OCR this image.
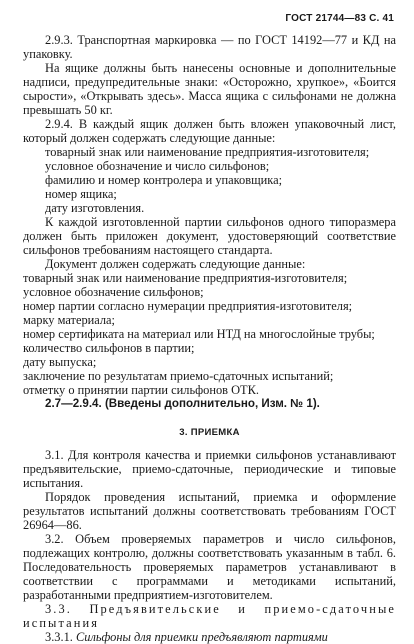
ГОСТ 21744—83 С. 41

2.9.3. Транспортная маркировка — по ГОСТ 14192—77 и КД на упаковку.

На ящике должны быть нанесены основные и дополнительные надписи, предупредительные знаки: «Осторожно, хрупкое», «Боится сырости», «Открывать здесь». Масса ящика с сильфонами не должна превышать 50 кг.

2.9.4. В каждый ящик должен быть вложен упаковочный лист, который должен содержать следующие данные:

товарный знак или наименование предприятия-изготовителя;

условное обозначение и число сильфонов;

фамилию и номер контролера и упаковщика;

номер ящика;

дату изготовления.

К каждой изготовленной партии сильфонов одного типоразмера должен быть приложен документ, удостоверяющий соответствие сильфонов требованиям настоящего стандарта.

Документ должен содержать следующие данные:

товарный знак или наименование предприятия-изготовителя;

условное обозначение сильфонов;

номер партии согласно нумерации предприятия-изготовителя;

марку материала;

номер сертификата на материал или НТД на многослойные трубы;

количество сильфонов в партии;

дату выпуска;

заключение по результатам приемо-сдаточных испытаний;

отметку о принятии партии сильфонов ОТК.

2.7—2.9.4. (Введены дополнительно, Изм. № 1).

3. ПРИЕМКА

3.1. Для контроля качества и приемки сильфонов устанавливают предъявительские, приемо-сдаточные, периодические и типовые испытания.

Порядок проведения испытаний, приемка и оформление результатов испытаний должны соответствовать требованиям ГОСТ 26964—86.

3.2. Объем проверяемых параметров и число сильфонов, подлежащих контролю, должны соответствовать указанным в табл. 6. Последовательность проверяемых параметров устанавливают в соответствии с программами и методиками испытаний, разработанными предприятием-изготовителем.

3.3. Предъявительские и приемо-сдаточные испытания

3.3.1. Сильфоны для приемки предъявляют партиями
